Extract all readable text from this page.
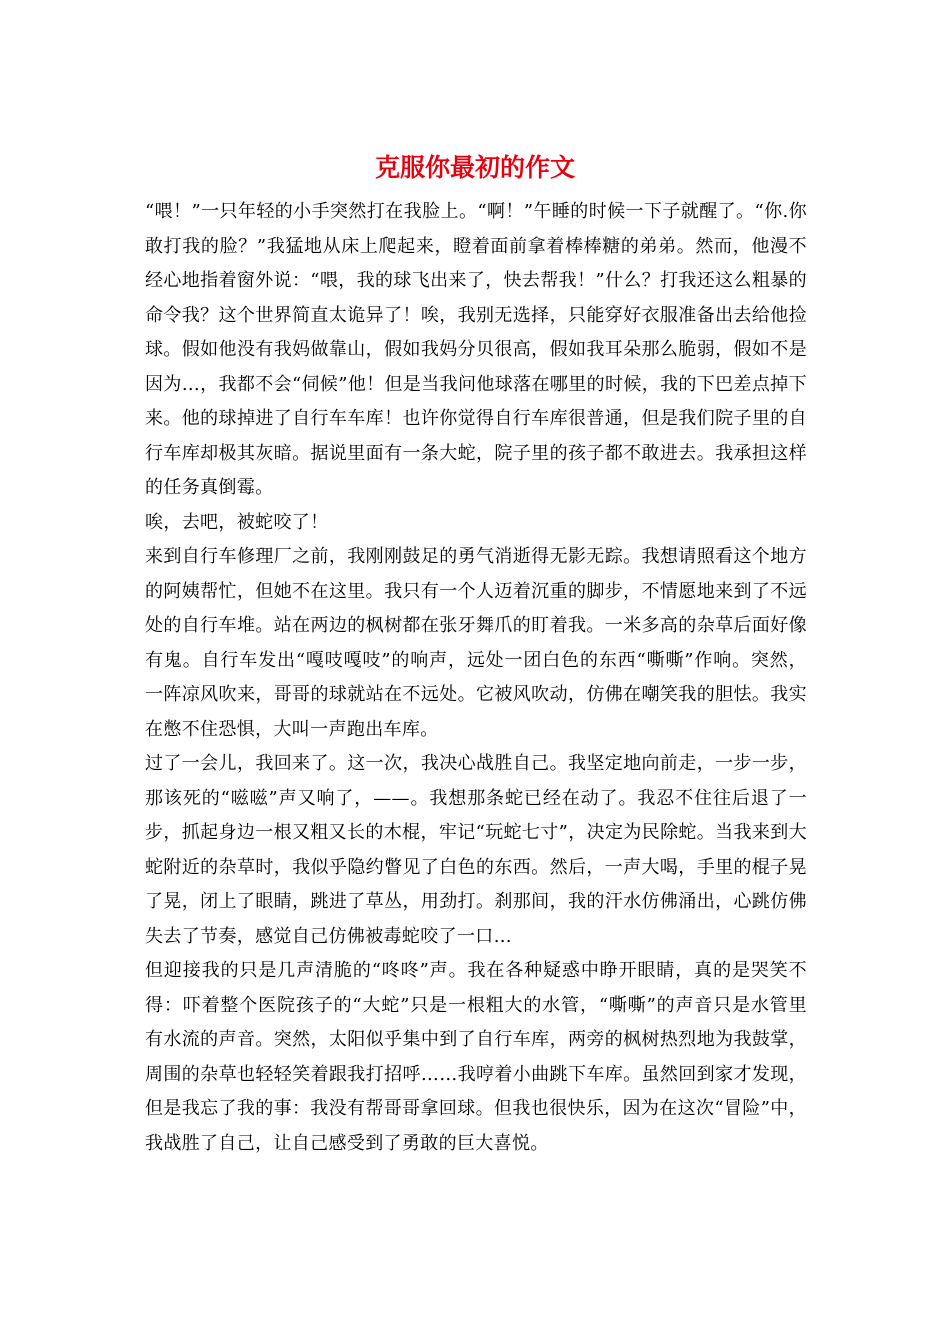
克服你最初的作文

“喂！”一只年轻的小手突然打在我脸上。“啊！”午睡的时候一下子就醒了。“你.你敢打我的脸？”我猛地从床上爬起来，瞪着面前拿着棒棒糖的弟弟。然而，他漫不经心地指着窗外说：“喂，我的球飞出来了，快去帮我！”什么？打我还这么粗暴的命令我？这个世界简直太诡异了！唉，我别无选择，只能穿好衣服准备出去给他捡球。假如他没有我妈做靠山，假如我妈分贝很高，假如我耳朵那么脆弱，假如不是因为…，我都不会“伺候”他！但是当我问他球落在哪里的时候，我的下巴差点掉下来。他的球掉进了自行车车库！也许你觉得自行车库很普通，但是我们院子里的自行车库却极其灰暗。据说里面有一条大蛇，院子里的孩子都不敢进去。我承担这样的任务真倒霉。

唉，去吧，被蛇咬了！

来到自行车修理厂之前，我刚刚鼓足的勇气消逝得无影无踪。我想请照看这个地方的阿姨帮忙，但她不在这里。我只有一个人迈着沉重的脚步，不情愿地来到了不远处的自行车堆。站在两边的枫树都在张牙舞爪的盯着我。一米多高的杂草后面好像有鬼。自行车发出“嘎吱嘎吱”的响声，远处一团白色的东西“嘶嘶”作响。突然，一阵凉风吹来，哥哥的球就站在不远处。它被风吹动，仿佛在嘲笑我的胆怯。我实在憋不住恐惧，大叫一声跑出车库。

过了一会儿，我回来了。这一次，我决心战胜自己。我坚定地向前走，一步一步，那该死的“嗞嗞”声又响了，——。我想那条蛇已经在动了。我忍不住往后退了一步，抓起身边一根又粗又长的木棍，牢记“玩蛇七寸”，决定为民除蛇。当我来到大蛇附近的杂草时，我似乎隐约瞥见了白色的东西。然后，一声大喝，手里的棍子晃了晃，闭上了眼睛，跳进了草丛，用劲打。刹那间，我的汗水仿佛涌出，心跳仿佛失去了节奏，感觉自己仿佛被毒蛇咬了一口…

但迎接我的只是几声清脆的“咚咚”声。我在各种疑惑中睁开眼睛，真的是哭笑不得：吓着整个医院孩子的“大蛇”只是一根粗大的水管，“嘶嘶”的声音只是水管里有水流的声音。突然，太阳似乎集中到了自行车库，两旁的枫树热烈地为我鼓掌，周围的杂草也轻轻笑着跟我打招呼……我哼着小曲跳下车库。虽然回到家才发现，但是我忘了我的事：我没有帮哥哥拿回球。但我也很快乐，因为在这次“冒险”中，我战胜了自己，让自己感受到了勇敢的巨大喜悦。
